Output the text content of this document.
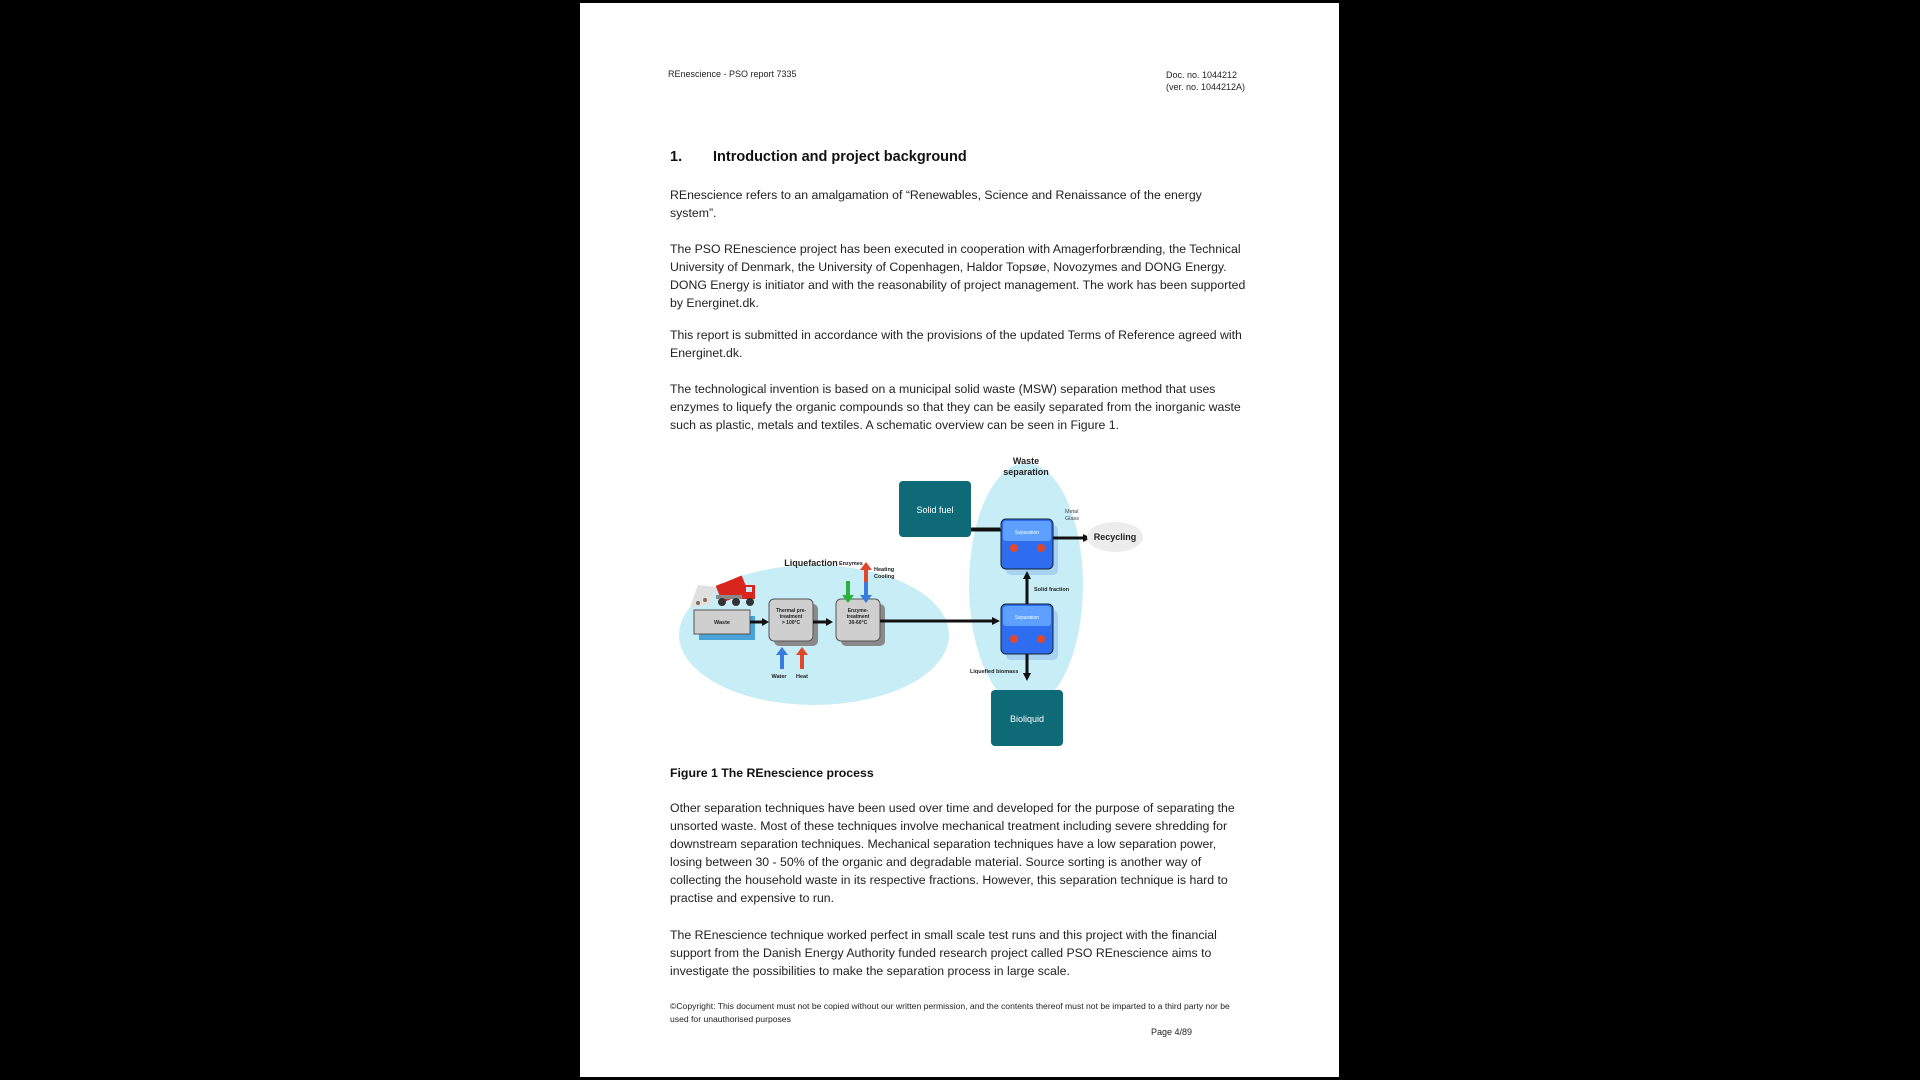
REnescience - PSO report 7335	Doc. no. 1044212
(ver. no. 1044212A)
1. Introduction and project background
REnescience refers to an amalgamation of “Renewables, Science and Renaissance of the energy system”.
The PSO REnescience project has been executed in cooperation with Amagerforbrænding, the Technical University of Denmark, the University of Copenhagen, Haldor Topsøe, Novozymes and DONG Energy. DONG Energy is initiator and with the reasonability of project management. The work has been supported by Energinet.dk.
This report is submitted in accordance with the provisions of the updated Terms of Reference agreed with Energinet.dk.
The technological invention is based on a municipal solid waste (MSW) separation method that uses enzymes to liquefy the organic compounds so that they can be easily separated from the inorganic waste such as plastic, metals and textiles. A schematic overview can be seen in Figure 1.
Waste
separation
Liquefaction
Solid fuel
Separation
Metal
Glass
Recycling
Solid fraction
Separation
Liquefied biomass
Bioliquid
Waste
Thermal pre-
treatment
> 100°C
Water Heat
Enzyme-
treatment
30-60°C
Enzymes
Heating
Cooling
Figure 1 The REnescience process
Other separation techniques have been used over time and developed for the purpose of separating the unsorted waste. Most of these techniques involve mechanical treatment including severe shredding for downstream separation techniques. Mechanical separation techniques have a low separation power, losing between 30 - 50% of the organic and degradable material. Source sorting is another way of collecting the household waste in its respective fractions. However, this separation technique is hard to practise and expensive to run.
The REnescience technique worked perfect in small scale test runs and this project with the financial support from the Danish Energy Authority funded research project called PSO REnescience aims to investigate the possibilities to make the separation process in large scale.
©Copyright: This document must not be copied without our written permission, and the contents thereof must not be imparted to a third party nor be used for unauthorised purposes
Page 4/89
